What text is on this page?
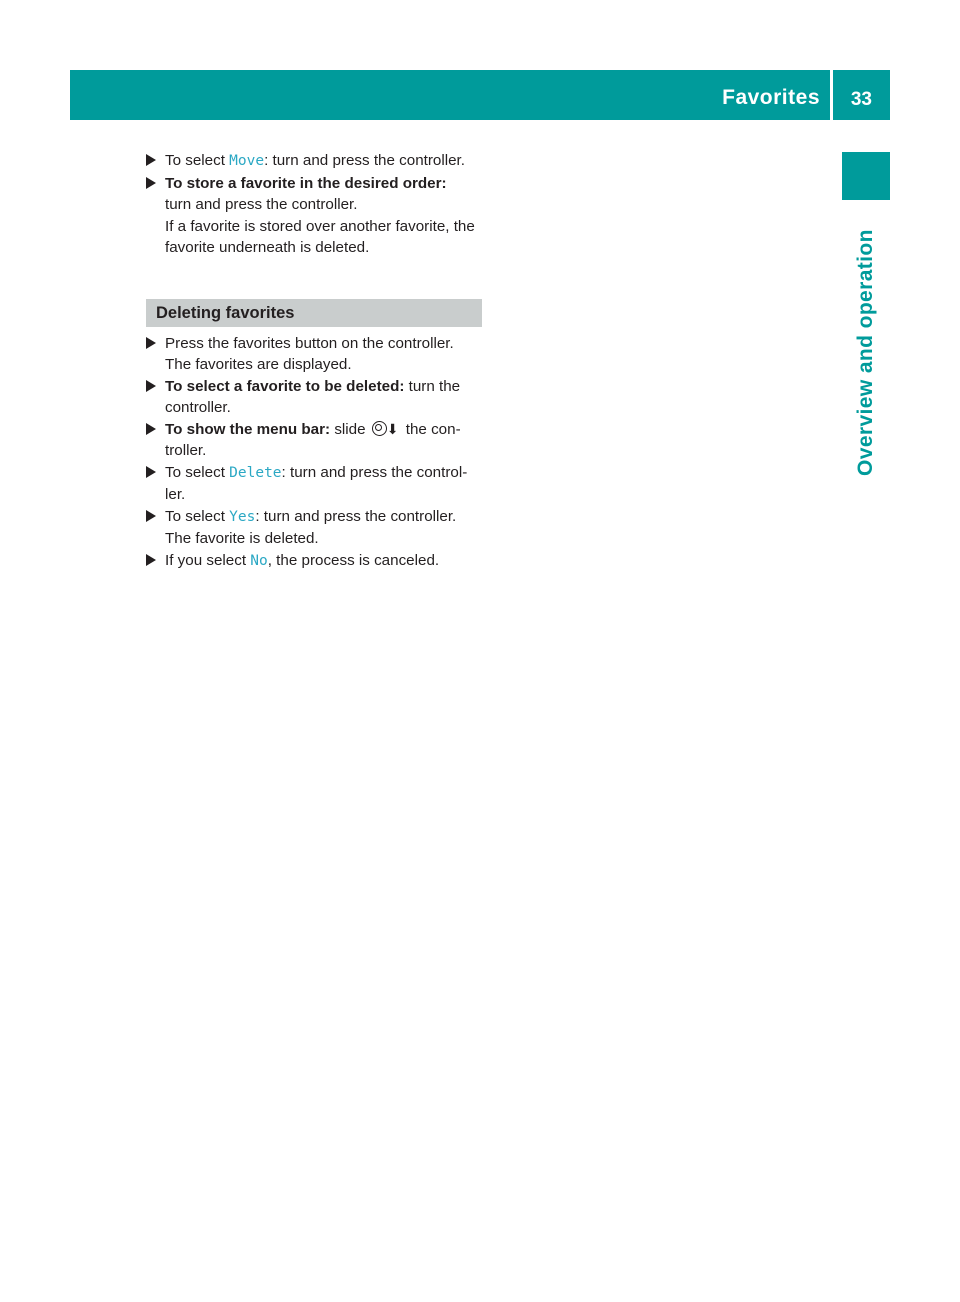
Favorites 33
Overview and operation
To select Move: turn and press the controller.
To store a favorite in the desired order:
turn and press the controller.
If a favorite is stored over another favorite, the favorite underneath is deleted.
Deleting favorites
Press the favorites button on the controller.
The favorites are displayed.
To select a favorite to be deleted: turn the controller.
To show the menu bar: slide ⬇ the con-troller.
To select Delete: turn and press the control-ler.
To select Yes: turn and press the controller.
The favorite is deleted.
If you select No, the process is canceled.
